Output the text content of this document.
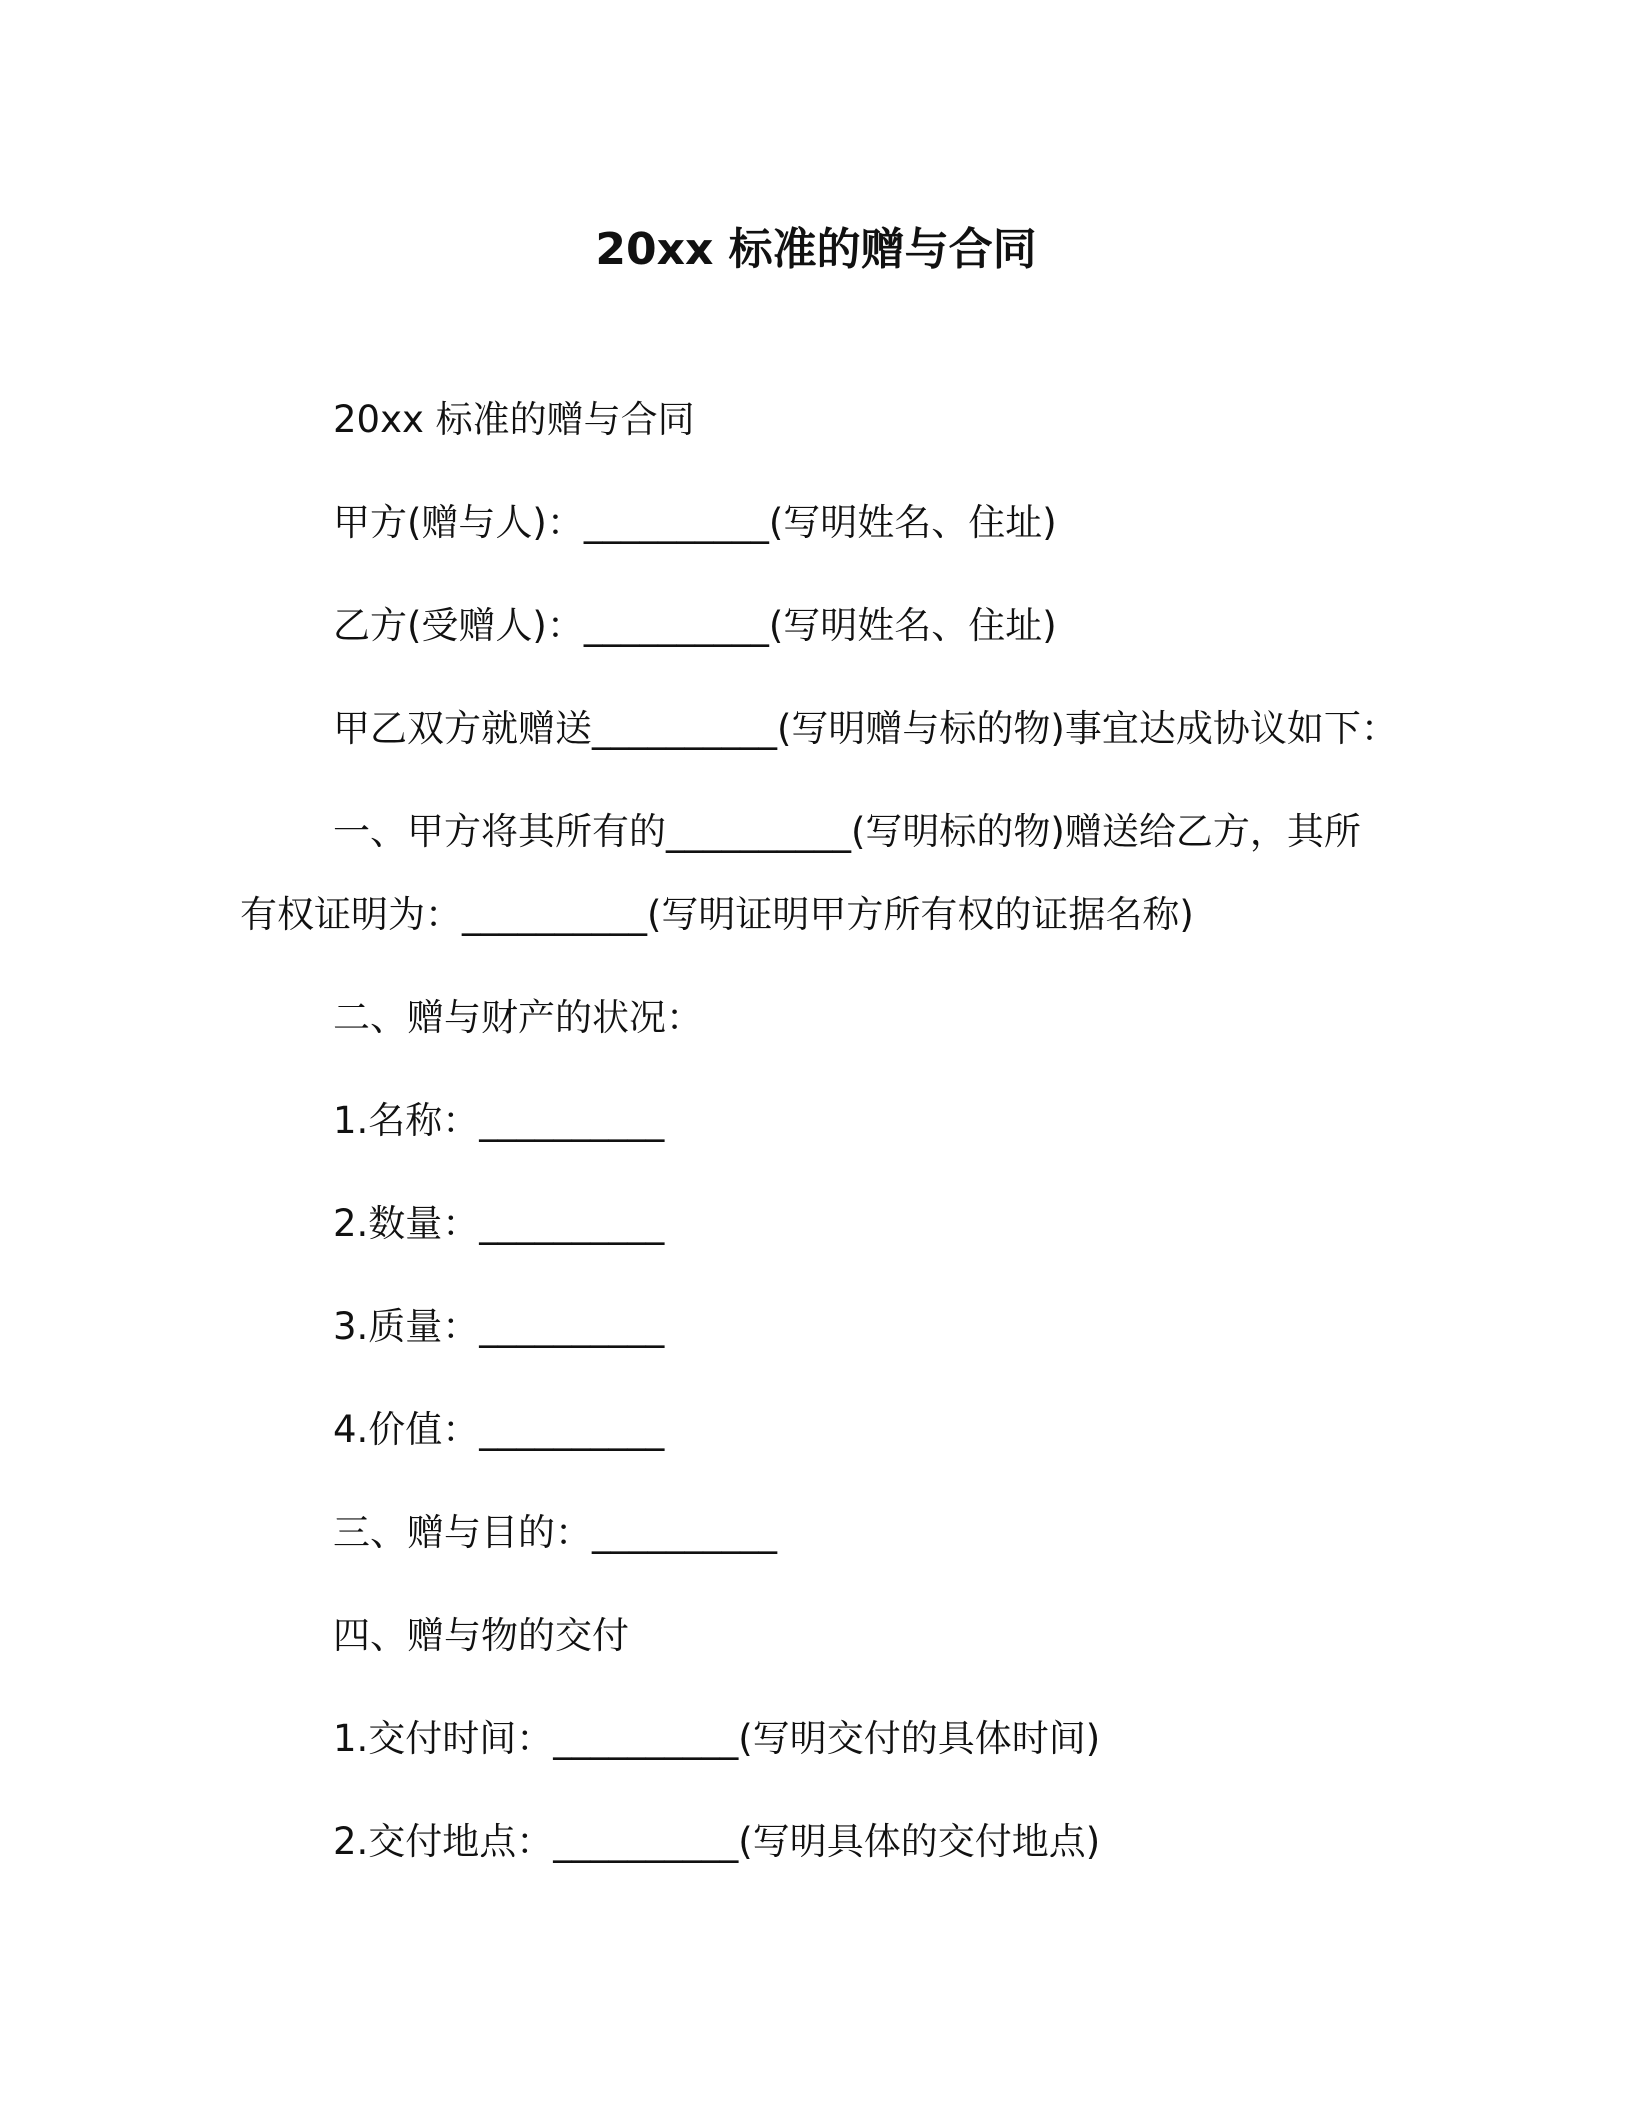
20xx 标准的赠与合同
20xx 标准的赠与合同
甲方(赠与人)：__________(写明姓名、住址)
乙方(受赠人)：__________(写明姓名、住址)
甲乙双方就赠送__________(写明赠与标的物)事宜达成协议如下：
一、甲方将其所有的__________(写明标的物)赠送给乙方，其所
有权证明为：__________(写明证明甲方所有权的证据名称)
二、赠与财产的状况：
1.名称：__________
2.数量：__________
3.质量：__________
4.价值：__________
三、赠与目的：__________
四、赠与物的交付
1.交付时间：__________(写明交付的具体时间)
2.交付地点：__________(写明具体的交付地点)
